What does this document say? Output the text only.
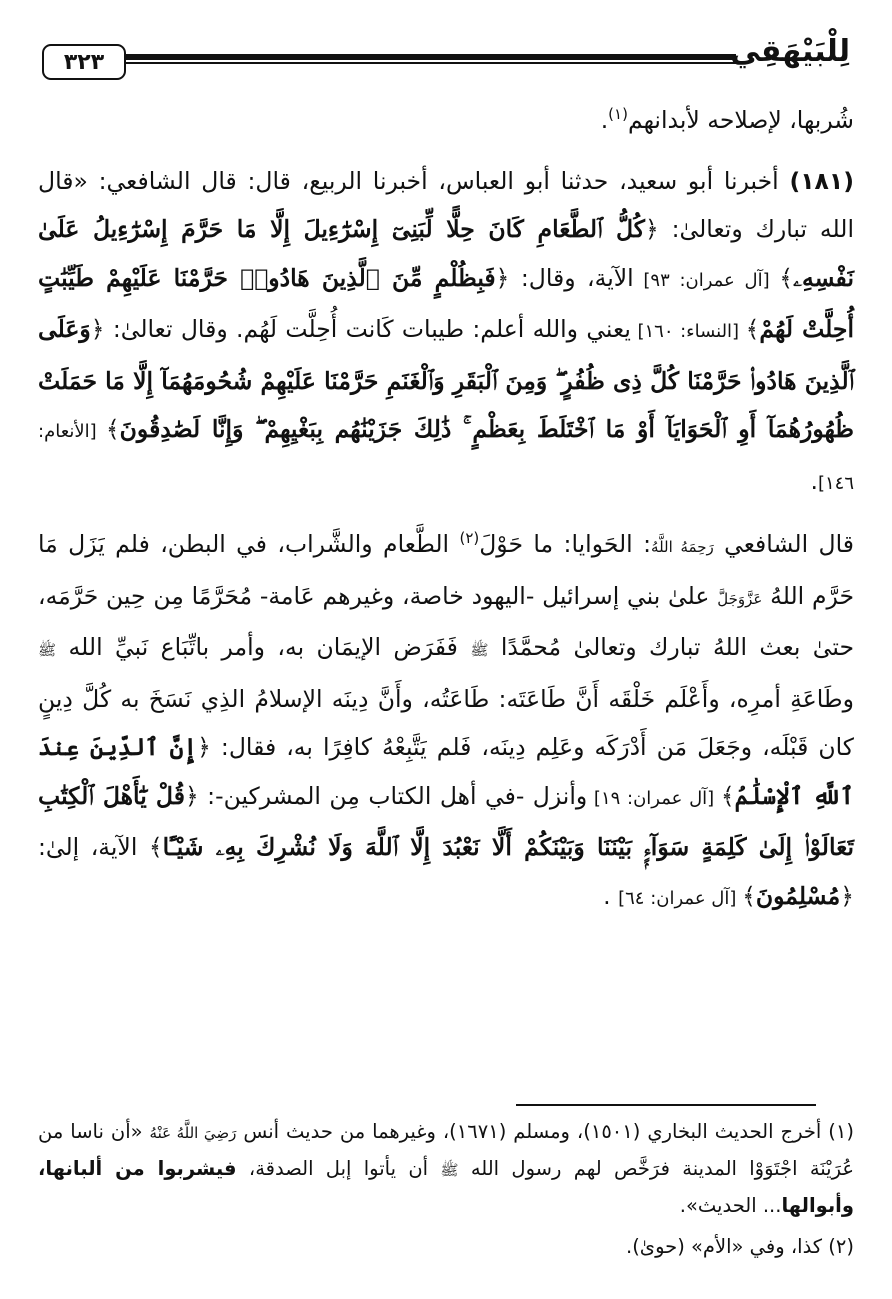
٣٢٣	لِلْبَيْهَقِي

شُربها، لإصلاحه لأبدانهم$^{(١)}$.

(١٨١) أخبرنا أبو سعيد، حدثنا أبو العباس، أخبرنا الربيع، قال: قال الشافعي: «قال الله تبارك وتعالىٰ: ﴿كُلُّ ٱلطَّعَامِ كَانَ حِلًّا لِّبَنِىٓ إِسْرَٰٓءِيلَ إِلَّا مَا حَرَّمَ إِسْرَٰٓءِيلُ عَلَىٰ نَفْسِهِۦ﴾ [آل عمران: ٩٣] الآية، وقال: ﴿فَبِظُلْمٍ مِّنَ ٱلَّذِينَ هَادُوا۟ حَرَّمْنَا عَلَيْهِمْ طَيِّبَٰتٍ أُحِلَّتْ لَهُمْ﴾ [النساء: ١٦٠] يعني والله أعلم: طيبات كَانت أُحِلَّت لَهُم. وقال تعالىٰ: ﴿وَعَلَى ٱلَّذِينَ هَادُوا۟ حَرَّمْنَا كُلَّ ذِى ظُفُرٍ ۖ وَمِنَ ٱلْبَقَرِ وَٱلْغَنَمِ حَرَّمْنَا عَلَيْهِمْ شُحُومَهُمَآ إِلَّا مَا حَمَلَتْ ظُهُورُهُمَآ أَوِ ٱلْحَوَايَآ أَوْ مَا ٱخْتَلَطَ بِعَظْمٍ ۚ ذَٰلِكَ جَزَيْنَٰهُم بِبَغْيِهِمْ ۖ وَإِنَّا لَصَٰدِقُونَ﴾ [الأنعام: ١٤٦].

قال الشافعي رَحِمَهُ اللَّهُ: الحَوايا: ما حَوْلَ$^{(٢)}$ الطَّعام والشَّراب، في البطن، فلم يَزَل مَا حَرَّم اللهُ عَزَّوَجَلَّ علىٰ بني إسرائيل -اليهود خاصة، وغيرهم عَامة- مُحَرَّمًا مِن حِين حَرَّمَه، حتىٰ بعث اللهُ تبارك وتعالىٰ مُحمَّدًا ﷺ فَفَرَض الإيمَان به، وأمر باتِّبَاع نَبيِّ الله ﷺ وطَاعَةِ أمرِه، وأَعْلَم خَلْقَه أَنَّ طَاعَتَه: طَاعَتُه، وأَنَّ دِينَه الإسلامُ الذِي نَسَخَ به كُلَّ دِينٍ كان قَبْلَه، وجَعَلَ مَن أَدْرَكَه وعَلِم دِينَه، فَلم يَتَّبِعْهُ كافِرًا به، فقال: ﴿إِنَّ ٱلدِّينَ عِندَ ٱللَّهِ ٱلْإِسْلَٰمُ﴾ [آل عمران: ١٩] وأنزل -في أهل الكتاب مِن المشركين-: ﴿قُلْ يَٰٓأَهْلَ ٱلْكِتَٰبِ تَعَالَوْا۟ إِلَىٰ كَلِمَةٍ سَوَآءٍۭ بَيْنَنَا وَبَيْنَكُمْ أَلَّا نَعْبُدَ إِلَّا ٱللَّهَ وَلَا نُشْرِكَ بِهِۦ شَيْـًٔا﴾ الآية، إلىٰ: ﴿مُسْلِمُونَ﴾ [آل عمران: ٦٤] .

(١) أخرج الحديث البخاري (١٥٠١)، ومسلم (١٦٧١)، وغيرهما من حديث أنس رَضِيَ اللَّهُ عَنْهُ «أن ناسا من عُرَيْنَة اجْتَوَوْا المدينة فرَخَّص لهم رسول الله ﷺ أن يأتوا إبل الصدقة، فيشربوا من ألبانها، وأبوالها... الحديث».

(٢) كذا، وفي «الأم» (حوىٰ).
